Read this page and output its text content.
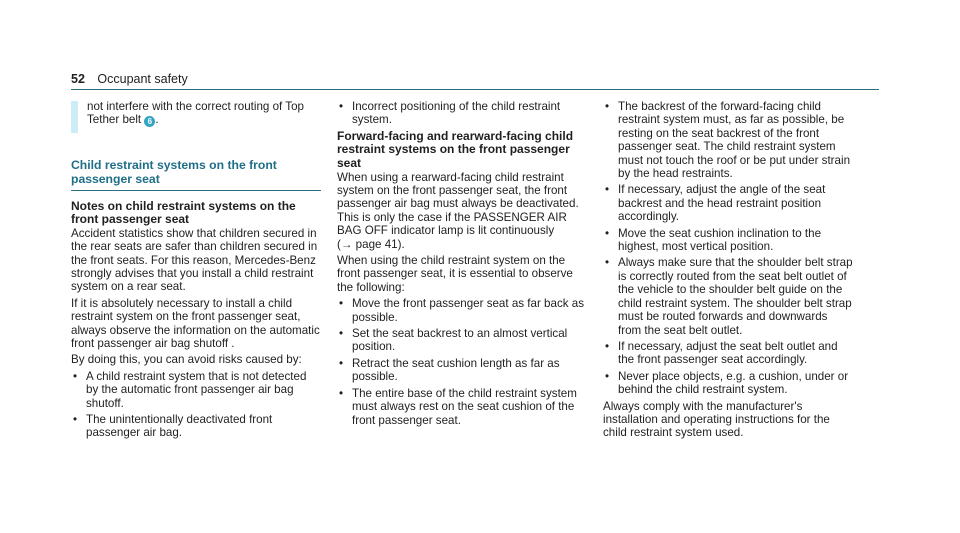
52 Occupant safety
not interfere with the correct routing of Top Tether belt 6 .
Child restraint systems on the front passenger seat
Notes on child restraint systems on the front passenger seat

Accident statistics show that children secured in the rear seats are safer than children secured in the front seats. For this reason, Mercedes-Benz strongly advises that you install a child restraint system on a rear seat.

If it is absolutely necessary to install a child restraint system on the front passenger seat, always observe the information on the automatic front passenger air bag shutoff .

By doing this, you can avoid risks caused by:

• A child restraint system that is not detected by the automatic front passenger air bag shutoff.
• The unintentionally deactivated front passenger air bag.
• Incorrect positioning of the child restraint system.
Forward-facing and rearward-facing child restraint systems on the front passenger seat

When using a rearward-facing child restraint system on the front passenger seat, the front passenger air bag must always be deactivated. This is only the case if the PASSENGER AIR BAG OFF indicator lamp is lit continuously
(→ page 41).

When using the child restraint system on the front passenger seat, it is essential to observe the following:

• Move the front passenger seat as far back as possible.
• Set the seat backrest to an almost vertical position.
• Retract the seat cushion length as far as possible.
• The entire base of the child restraint system must always rest on the seat cushion of the front passenger seat.
• The backrest of the forward-facing child restraint system must, as far as possible, be resting on the seat backrest of the front passenger seat. The child restraint system must not touch the roof or be put under strain by the head restraints.
• If necessary, adjust the angle of the seat backrest and the head restraint position accordingly.
• Move the seat cushion inclination to the highest, most vertical position.
• Always make sure that the shoulder belt strap is correctly routed from the seat belt outlet of the vehicle to the shoulder belt guide on the child restraint system. The shoulder belt strap must be routed forwards and downwards from the seat belt outlet.
• If necessary, adjust the seat belt outlet and the front passenger seat accordingly.
• Never place objects, e.g. a cushion, under or behind the child restraint system.

Always comply with the manufacturer's installation and operating instructions for the child restraint system used.
